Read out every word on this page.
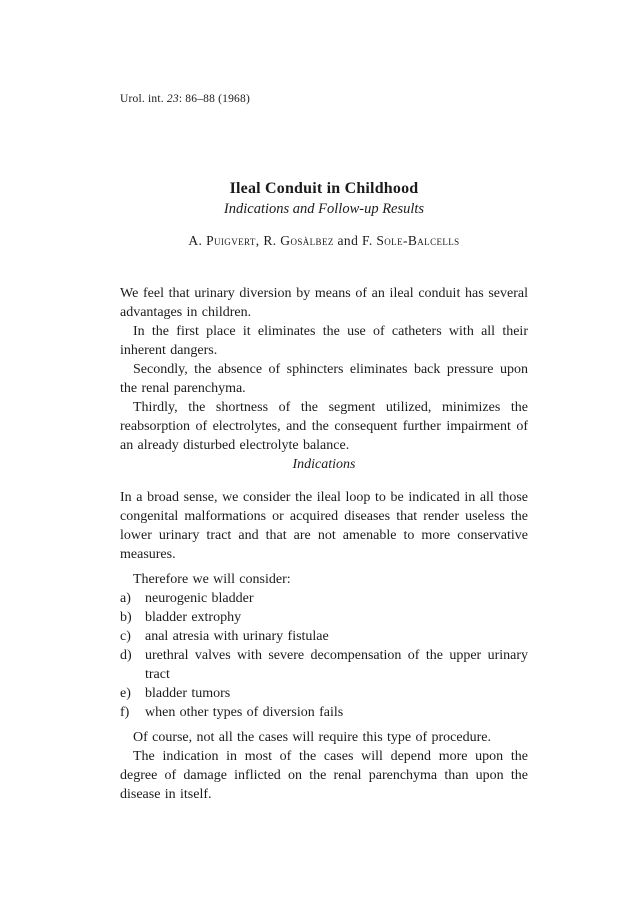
Urol. int. 23: 86–88 (1968)
Ileal Conduit in Childhood
Indications and Follow-up Results
A. Puigvert, R. Gosàlbez and F. Sole-Balcells

We feel that urinary diversion by means of an ileal conduit has several advantages in children.

In the first place it eliminates the use of catheters with all their inherent dangers.

Secondly, the absence of sphincters eliminates back pressure upon the renal parenchyma.

Thirdly, the shortness of the segment utilized, minimizes the reabsorption of electrolytes, and the consequent further impairment of an already disturbed electrolyte balance.

Indications

In a broad sense, we consider the ileal loop to be indicated in all those congenital malformations or acquired diseases that render useless the lower urinary tract and that are not amenable to more conservative measures.

Therefore we will consider:

a)	neurogenic bladder
b) bladder extrophy
c)	anal atresia with urinary fistulae
d) urethral valves with severe decompensation of the upper urinary tract
e)	bladder tumors
f)	when other types of diversion fails

Of course, not all the cases will require this type of procedure.

The indication in most of the cases will depend more upon the degree of damage inflicted on the renal parenchyma than upon the disease in itself.
